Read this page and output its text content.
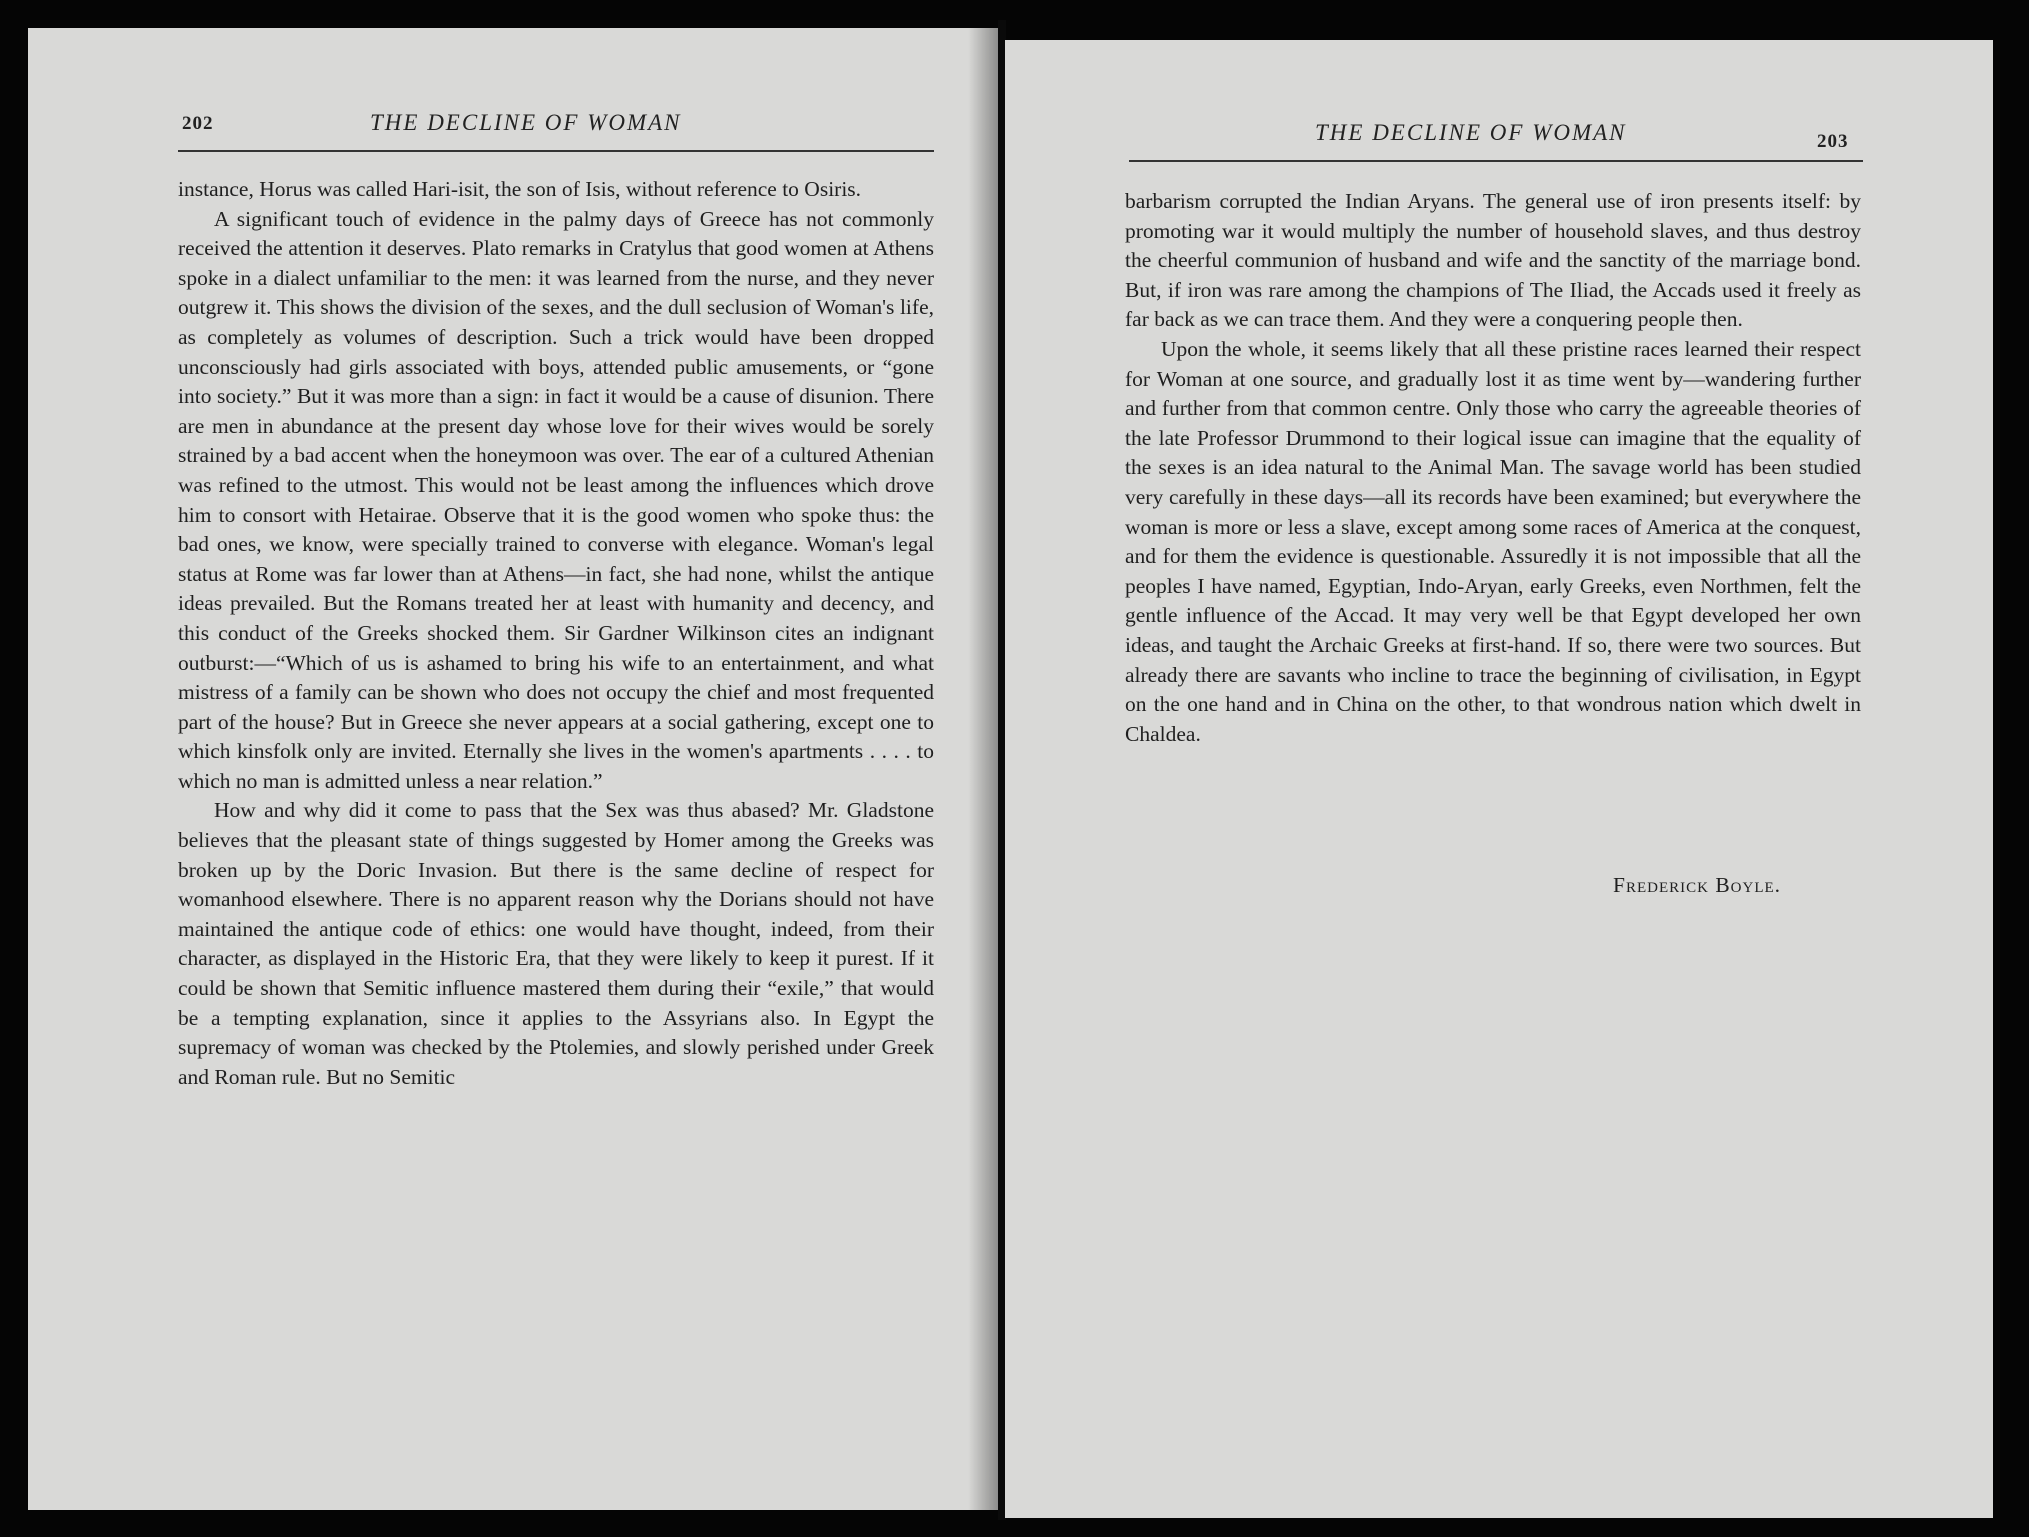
202	THE DECLINE OF WOMAN

instance, Horus was called Hari-isit, the son of Isis, without reference to Osiris.

A significant touch of evidence in the palmy days of Greece has not commonly received the attention it deserves. Plato remarks in Cratylus that good women at Athens spoke in a dialect unfamiliar to the men: it was learned from the nurse, and they never outgrew it. This shows the division of the sexes, and the dull seclusion of Woman's life, as completely as volumes of description. Such a trick would have been dropped unconsciously had girls associated with boys, attended public amusements, or “gone into society.” But it was more than a sign: in fact it would be a cause of disunion. There are men in abundance at the present day whose love for their wives would be sorely strained by a bad accent when the honeymoon was over. The ear of a cultured Athenian was refined to the utmost. This would not be least among the influences which drove him to consort with Hetairae. Observe that it is the good women who spoke thus: the bad ones, we know, were specially trained to converse with elegance. Woman's legal status at Rome was far lower than at Athens—in fact, she had none, whilst the antique ideas prevailed. But the Romans treated her at least with humanity and decency, and this conduct of the Greeks shocked them. Sir Gardner Wilkinson cites an indignant outburst:—“Which of us is ashamed to bring his wife to an entertainment, and what mistress of a family can be shown who does not occupy the chief and most frequented part of the house? But in Greece she never appears at a social gathering, except one to which kinsfolk only are invited. Eternally she lives in the women's apartments . . . . to which no man is admitted unless a near relation.”

How and why did it come to pass that the Sex was thus abased? Mr. Gladstone believes that the pleasant state of things suggested by Homer among the Greeks was broken up by the Doric Invasion. But there is the same decline of respect for womanhood elsewhere. There is no apparent reason why the Dorians should not have maintained the antique code of ethics: one would have thought, indeed, from their character, as displayed in the Historic Era, that they were likely to keep it purest. If it could be shown that Semitic influence mastered them during their “exile,” that would be a tempting explanation, since it applies to the Assyrians also. In Egypt the supremacy of woman was checked by the Ptolemies, and slowly perished under Greek and Roman rule. But no Semitic

THE DECLINE OF WOMAN	203

barbarism corrupted the Indian Aryans. The general use of iron presents itself: by promoting war it would multiply the number of household slaves, and thus destroy the cheerful communion of husband and wife and the sanctity of the marriage bond. But, if iron was rare among the champions of The Iliad, the Accads used it freely as far back as we can trace them. And they were a conquering people then.

Upon the whole, it seems likely that all these pristine races learned their respect for Woman at one source, and gradually lost it as time went by—wandering further and further from that common centre. Only those who carry the agreeable theories of the late Professor Drummond to their logical issue can imagine that the equality of the sexes is an idea natural to the Animal Man. The savage world has been studied very carefully in these days—all its records have been examined; but everywhere the woman is more or less a slave, except among some races of America at the conquest, and for them the evidence is questionable. Assuredly it is not impossible that all the peoples I have named, Egyptian, Indo-Aryan, early Greeks, even Northmen, felt the gentle influence of the Accad. It may very well be that Egypt developed her own ideas, and taught the Archaic Greeks at first-hand. If so, there were two sources. But already there are savants who incline to trace the beginning of civilisation, in Egypt on the one hand and in China on the other, to that wondrous nation which dwelt in Chaldea.

Frederick Boyle.
